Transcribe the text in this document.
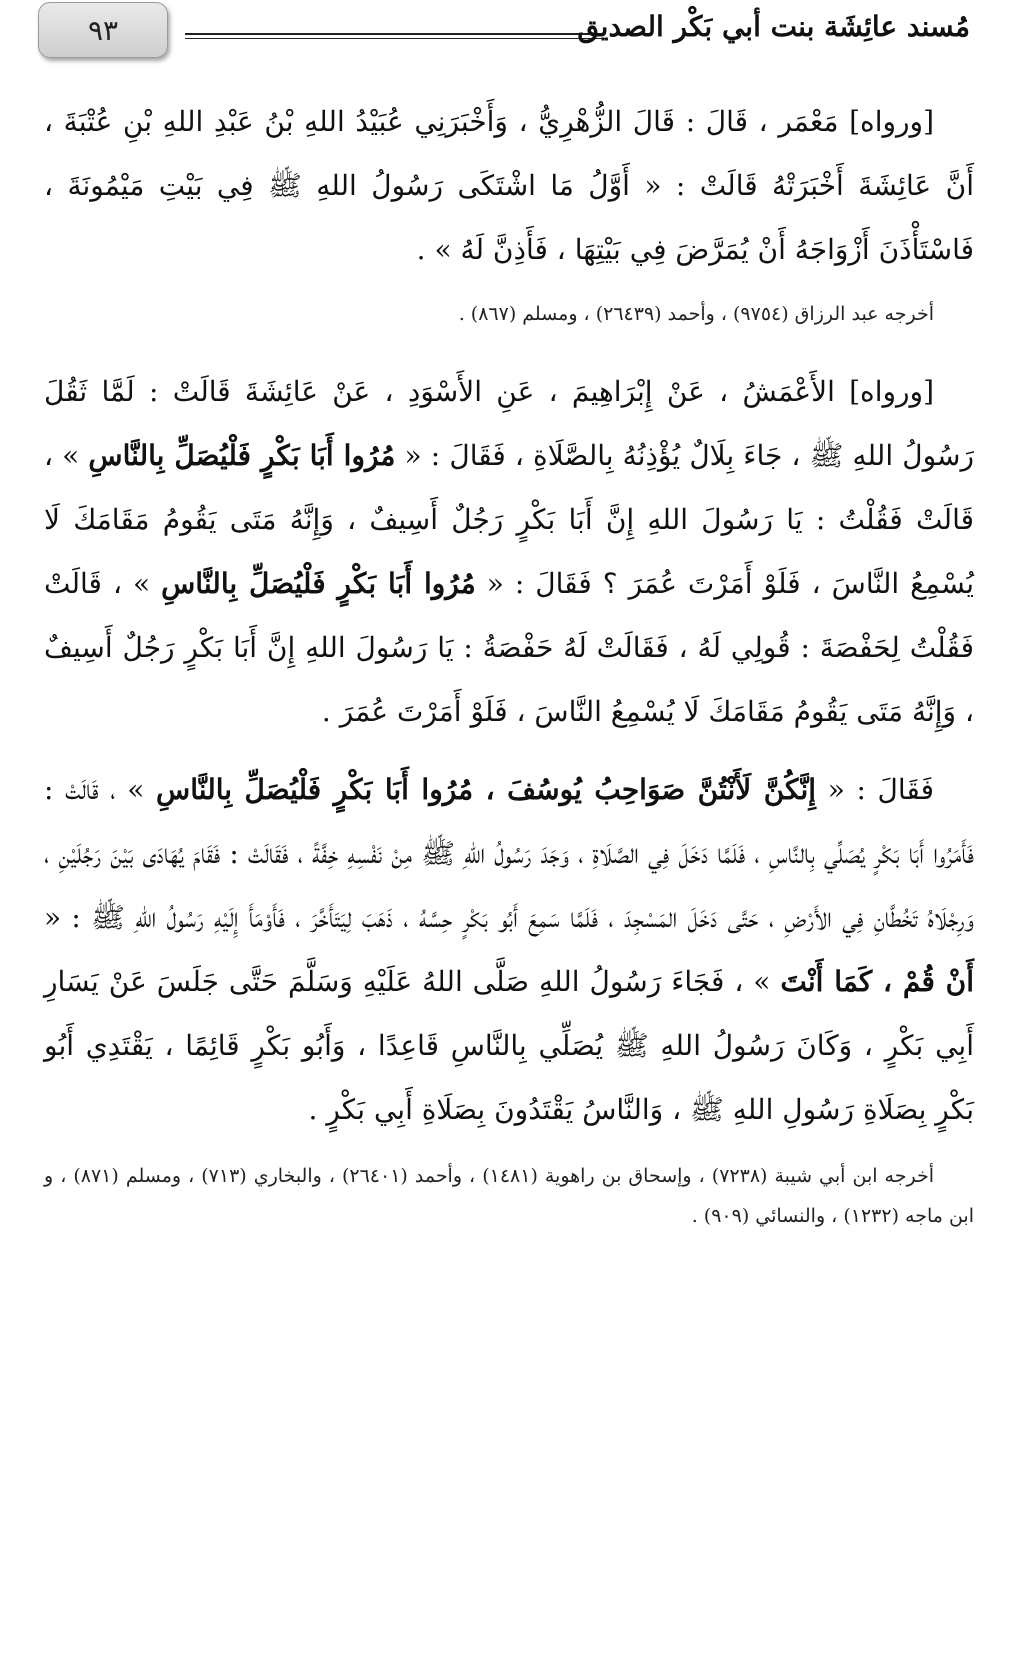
٩٣	مُسند عائِشَة بنت أبي بَكْر الصديق

[ورواه] مَعْمَر ، قَالَ : قَالَ الزُّهْرِيُّ ، وَأَخْبَرَنِي عُبَيْدُ اللهِ بْنُ عَبْدِ اللهِ بْنِ عُتْبَةَ ، أَنَّ عَائِشَةَ أَخْبَرَتْهُ قَالَتْ : « أَوَّلُ مَا اشْتَكَى رَسُولُ اللهِ ﷺ فِي بَيْتِ مَيْمُونَةَ ، فَاسْتَأْذَنَ أَزْوَاجَهُ أَنْ يُمَرَّضَ فِي بَيْتِهَا ، فَأَذِنَّ لَهُ » .

أخرجه عبد الرزاق (٩٧٥٤) ، وأحمد (٢٦٤٣٩) ، ومسلم (٨٦٧) .

[ورواه] الأَعْمَشُ ، عَنْ إِبْرَاهِيمَ ، عَنِ الأَسْوَدِ ، عَنْ عَائِشَةَ قَالَتْ : لَمَّا ثَقُلَ رَسُولُ اللهِ ﷺ ، جَاءَ بِلَالٌ يُؤْذِنُهُ بِالصَّلَاةِ ، فَقَالَ : « مُرُوا أَبَا بَكْرٍ فَلْيُصَلِّ بِالنَّاسِ » ، قَالَتْ فَقُلْتُ : يَا رَسُولَ اللهِ إِنَّ أَبَا بَكْرٍ رَجُلٌ أَسِيفٌ ، وَإِنَّهُ مَتَى يَقُومُ مَقَامَكَ لَا يُسْمِعُ النَّاسَ ، فَلَوْ أَمَرْتَ عُمَرَ ؟ فَقَالَ : « مُرُوا أَبَا بَكْرٍ فَلْيُصَلِّ بِالنَّاسِ » ، قَالَتْ فَقُلْتُ لِحَفْصَةَ : قُولِي لَهُ ، فَقَالَتْ لَهُ حَفْصَةُ : يَا رَسُولَ اللهِ إِنَّ أَبَا بَكْرٍ رَجُلٌ أَسِيفٌ ، وَإِنَّهُ مَتَى يَقُومُ مَقَامَكَ لَا يُسْمِعُ النَّاسَ ، فَلَوْ أَمَرْتَ عُمَرَ .

فَقَالَ : « إِنَّكُنَّ لَأَنْتُنَّ صَوَاحِبُ يُوسُفَ ، مُرُوا أَبَا بَكْرٍ فَلْيُصَلِّ بِالنَّاسِ » ، قَالَتْ : فَأَمَرُوا أَبَا بَكْرٍ يُصَلِّي بِالنَّاسِ ، فَلَمَّا دَخَلَ فِي الصَّلَاةِ ، وَجَدَ رَسُولُ اللهِ ﷺ مِنْ نَفْسِهِ خِفَّةً ، فَقَالَتْ : فَقَامَ يُهَادَى بَيْنَ رَجُلَيْنِ ، وَرِجْلَاهُ تَخُطَّانِ فِي الأَرْضِ ، حَتَّى دَخَلَ المَسْجِدَ ، فَلَمَّا سَمِعَ أَبُو بَكْرٍ حِسَّهُ ، ذَهَبَ لِيَتَأَخَّرَ ، فَأَوْمَأَ إِلَيْهِ رَسُولُ اللهِ ﷺ : « أَنْ قُمْ ، كَمَا أَنْتَ » ، فَجَاءَ رَسُولُ اللهِ صَلَّى اللهُ عَلَيْهِ وَسَلَّمَ حَتَّى جَلَسَ عَنْ يَسَارِ أَبِي بَكْرٍ ، وَكَانَ رَسُولُ اللهِ ﷺ يُصَلِّي بِالنَّاسِ قَاعِدًا ، وَأَبُو بَكْرٍ قَائِمًا ، يَقْتَدِي أَبُو بَكْرٍ بِصَلَاةِ رَسُولِ اللهِ ﷺ ، وَالنَّاسُ يَقْتَدُونَ بِصَلَاةِ أَبِي بَكْرٍ .

أخرجه ابن أبي شيبة (٧٢٣٨) ، وإسحاق بن راهوية (١٤٨١) ، وأحمد (٢٦٤٠١) ، والبخاري (٧١٣) ، ومسلم (٨٧١) ، و ابن ماجه (١٢٣٢) ، والنسائي (٩٠٩) .
